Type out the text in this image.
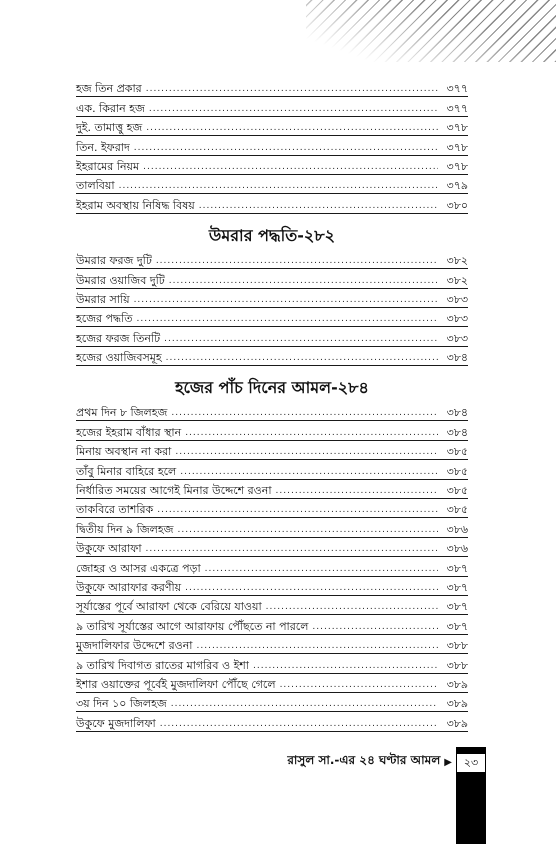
হজ তিন প্রকার .....	৩৭৭
এক. কিরান হজ .....	৩৭৭
দুই. তামাত্তু হজ .....	৩৭৮
তিন. ইফরাদ .....	৩৭৮
ইহরামের নিয়ম .....	৩৭৮
তালবিয়া .....	৩৭৯
ইহরাম অবস্থায় নিষিদ্ধ বিষয় .....	৩৮০
উমরার পদ্ধতি-২৮২
উমরার ফরজ দুটি .....	৩৮২
উমরার ওয়াজিব দুটি .....	৩৮২
উমরার সায়ি .....	৩৮৩
হজের পদ্ধতি .....	৩৮৩
হজের ফরজ তিনটি .....	৩৮৩
হজের ওয়াজিবসমূহ .....	৩৮৪
হজের পাঁচ দিনের আমল-২৮৪
প্রথম দিন ৮ জিলহজ .....	৩৮৪
হজের ইহরাম বাঁধার স্থান .....	৩৮৪
মিনায় অবস্থান না করা .....	৩৮৫
তাঁবু মিনার বাহিরে হলে .....	৩৮৫
নির্ধারিত সময়ের আগেই মিনার উদ্দেশে রওনা .....	৩৮৫
তাকবিরে তাশরিক .....	৩৮৫
দ্বিতীয় দিন ৯ জিলহজ .....	৩৮৬
উকুফে আরাফা .....	৩৮৬
জোহর ও আসর একত্রে পড়া .....	৩৮৭
উকুফে আরাফার করণীয় .....	৩৮৭
সূর্যাস্তের পূর্বে আরাফা থেকে বেরিয়ে যাওয়া .....	৩৮৭
৯ তারিখ সূর্যাস্তের আগে আরাফায় পৌঁছতে না পারলে .....	৩৮৭
মুজদালিফার উদ্দেশে রওনা .....	৩৮৮
৯ তারিখ দিবাগত রাতের মাগরিব ও ইশা .....	৩৮৮
ইশার ওয়াক্তের পূর্বেই মুজদালিফা পৌঁছে গেলে .....	৩৮৯
৩য় দিন ১০ জিলহজ .....	৩৮৯
উকুফে মুজদালিফা .....	৩৮৯
রাসুল সা.-এর ২৪ ঘণ্টার আমল ▶	২৩
